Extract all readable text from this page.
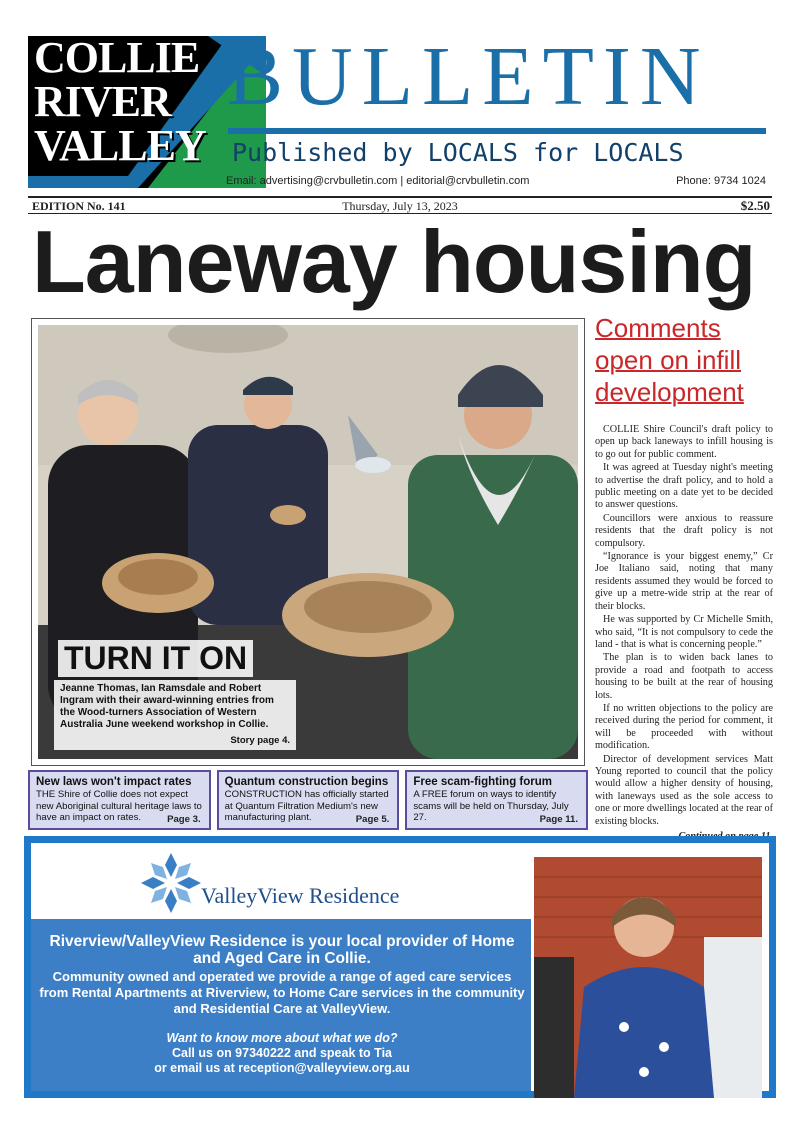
COLLIE
RIVER
VALLEY
BULLETIN
Published by LOCALS for LOCALS
Email: advertising@crvbulletin.com | editorial@crvbulletin.com	Phone: 9734 1024
EDITION No. 141	Thursday, July 13, 2023	$2.50
Laneway housing
TURN IT ON
Jeanne Thomas, Ian Ramsdale and Robert Ingram with their award-winning entries from the Wood-turners Association of Western Australia June weekend workshop in Collie.
Story page 4.
Comments
open on infill
development

COLLIE Shire Council's draft policy to open up back laneways to infill housing is to go out for public comment.

It was agreed at Tuesday night's meeting to advertise the draft policy, and to hold a public meeting on a date yet to be decided to answer questions.

Councillors were anxious to reassure residents that the draft policy is not compulsory.

“Ignorance is your biggest enemy,” Cr Joe Italiano said, noting that many residents assumed they would be forced to give up a metre-wide strip at the rear of their blocks.

He was supported by Cr Michelle Smith, who said, “It is not compulsory to cede the land - that is what is concerning people.”

The plan is to widen back lanes to provide a road and footpath to access housing to be built at the rear of housing lots.

If no written objections to the policy are received during the period for comment, it will be proceeded with without modification.

Director of development services Matt Young reported to council that the policy would allow a higher density of housing, with laneways used as the sole access to one or more dwellings located at the rear of existing blocks.

New laws won't impact rates
THE Shire of Collie does not expect new Aboriginal cultural heritage laws to have an impact on rates.	Page 3.
Quantum construction begins
CONSTRUCTION has officially started at Quantum Filtration Medium's new manufacturing plant.	Page 5.
Free scam-fighting forum
A FREE forum on ways to identify scams will be held on Thursday, July 27.	Page 11.
ValleyView Residence
Riverview/ValleyView Residence is your local provider of Home and Aged Care in Collie.
Community owned and operated we provide a range of aged care services from Rental Apartments at Riverview, to Home Care services in the community and Residential Care at ValleyView.
Want to know more about what we do?
Call us on 97340222 and speak to Tia
or email us at reception@valleyview.org.au
